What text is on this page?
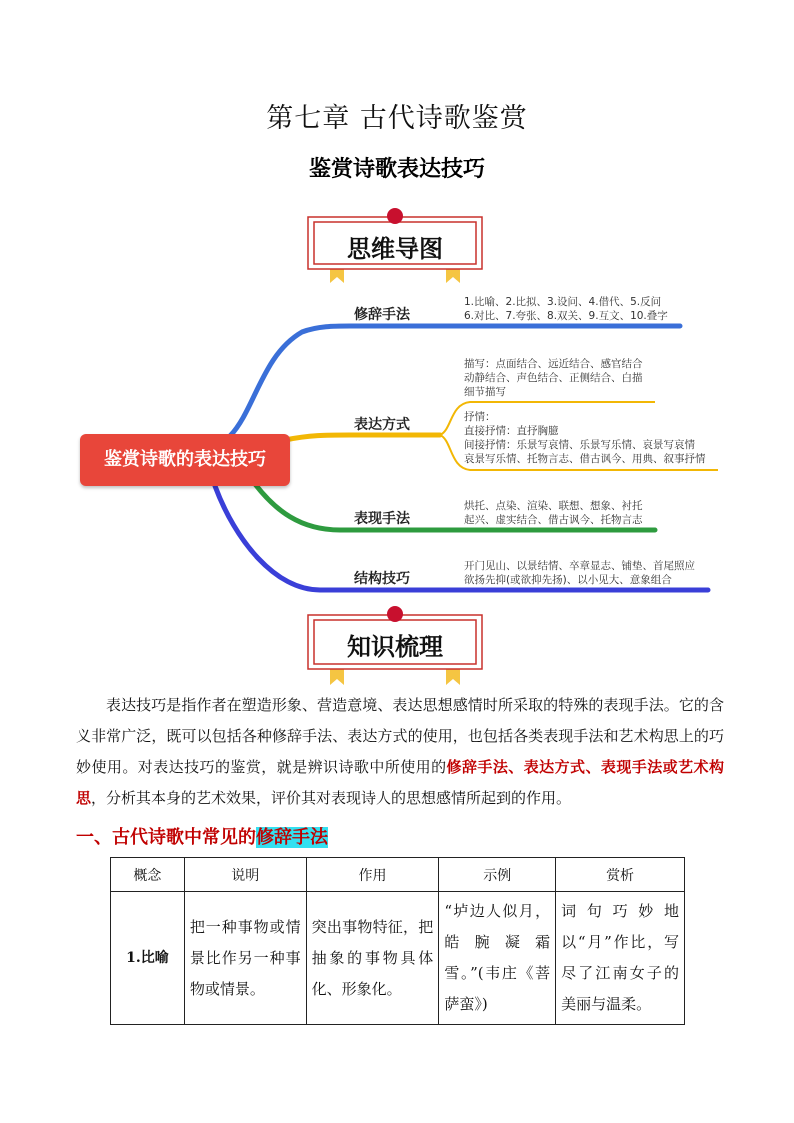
第七章 古代诗歌鉴赏
鉴赏诗歌表达技巧
思维导图
鉴赏诗歌的表达技巧
修辞手法
表达方式
表现手法
结构技巧
1.比喻、2.比拟、3.设问、4.借代、5.反问
6.对比、7.夸张、8.双关、9.互文、10.叠字
描写：点面结合、远近结合、感官结合
动静结合、声色结合、正侧结合、白描
细节描写
抒情：
直接抒情：直抒胸臆
间接抒情：乐景写哀情、乐景写乐情、哀景写哀情
哀景写乐情、托物言志、借古讽今、用典、叙事抒情
烘托、点染、渲染、联想、想象、衬托
起兴、虚实结合、借古讽今、托物言志
开门见山、以景结情、卒章显志、铺垫、首尾照应
欲扬先抑(或欲抑先扬)、以小见大、意象组合
知识梳理
表达技巧是指作者在塑造形象、营造意境、表达思想感情时所采取的特殊的表现手法。它的含义非常广泛，既可以包括各种修辞手法、表达方式的使用，也包括各类表现手法和艺术构思上的巧妙使用。对表达技巧的鉴赏，就是辨识诗歌中所使用的修辞手法、表达方式、表现手法或艺术构思，分析其本身的艺术效果，评价其对表现诗人的思想感情所起到的作用。
一、古代诗歌中常见的修辞手法
概念	说明	作用	示例	赏析
1.比喻	把一种事物或情景比作另一种事物或情景。	突出事物特征，把抽象的事物具体化、形象化。	“垆边人似月，皓腕凝霜雪。”(韦庄《菩萨蛮》)	词句巧妙地以“月”作比，写尽了江南女子的美丽与温柔。
